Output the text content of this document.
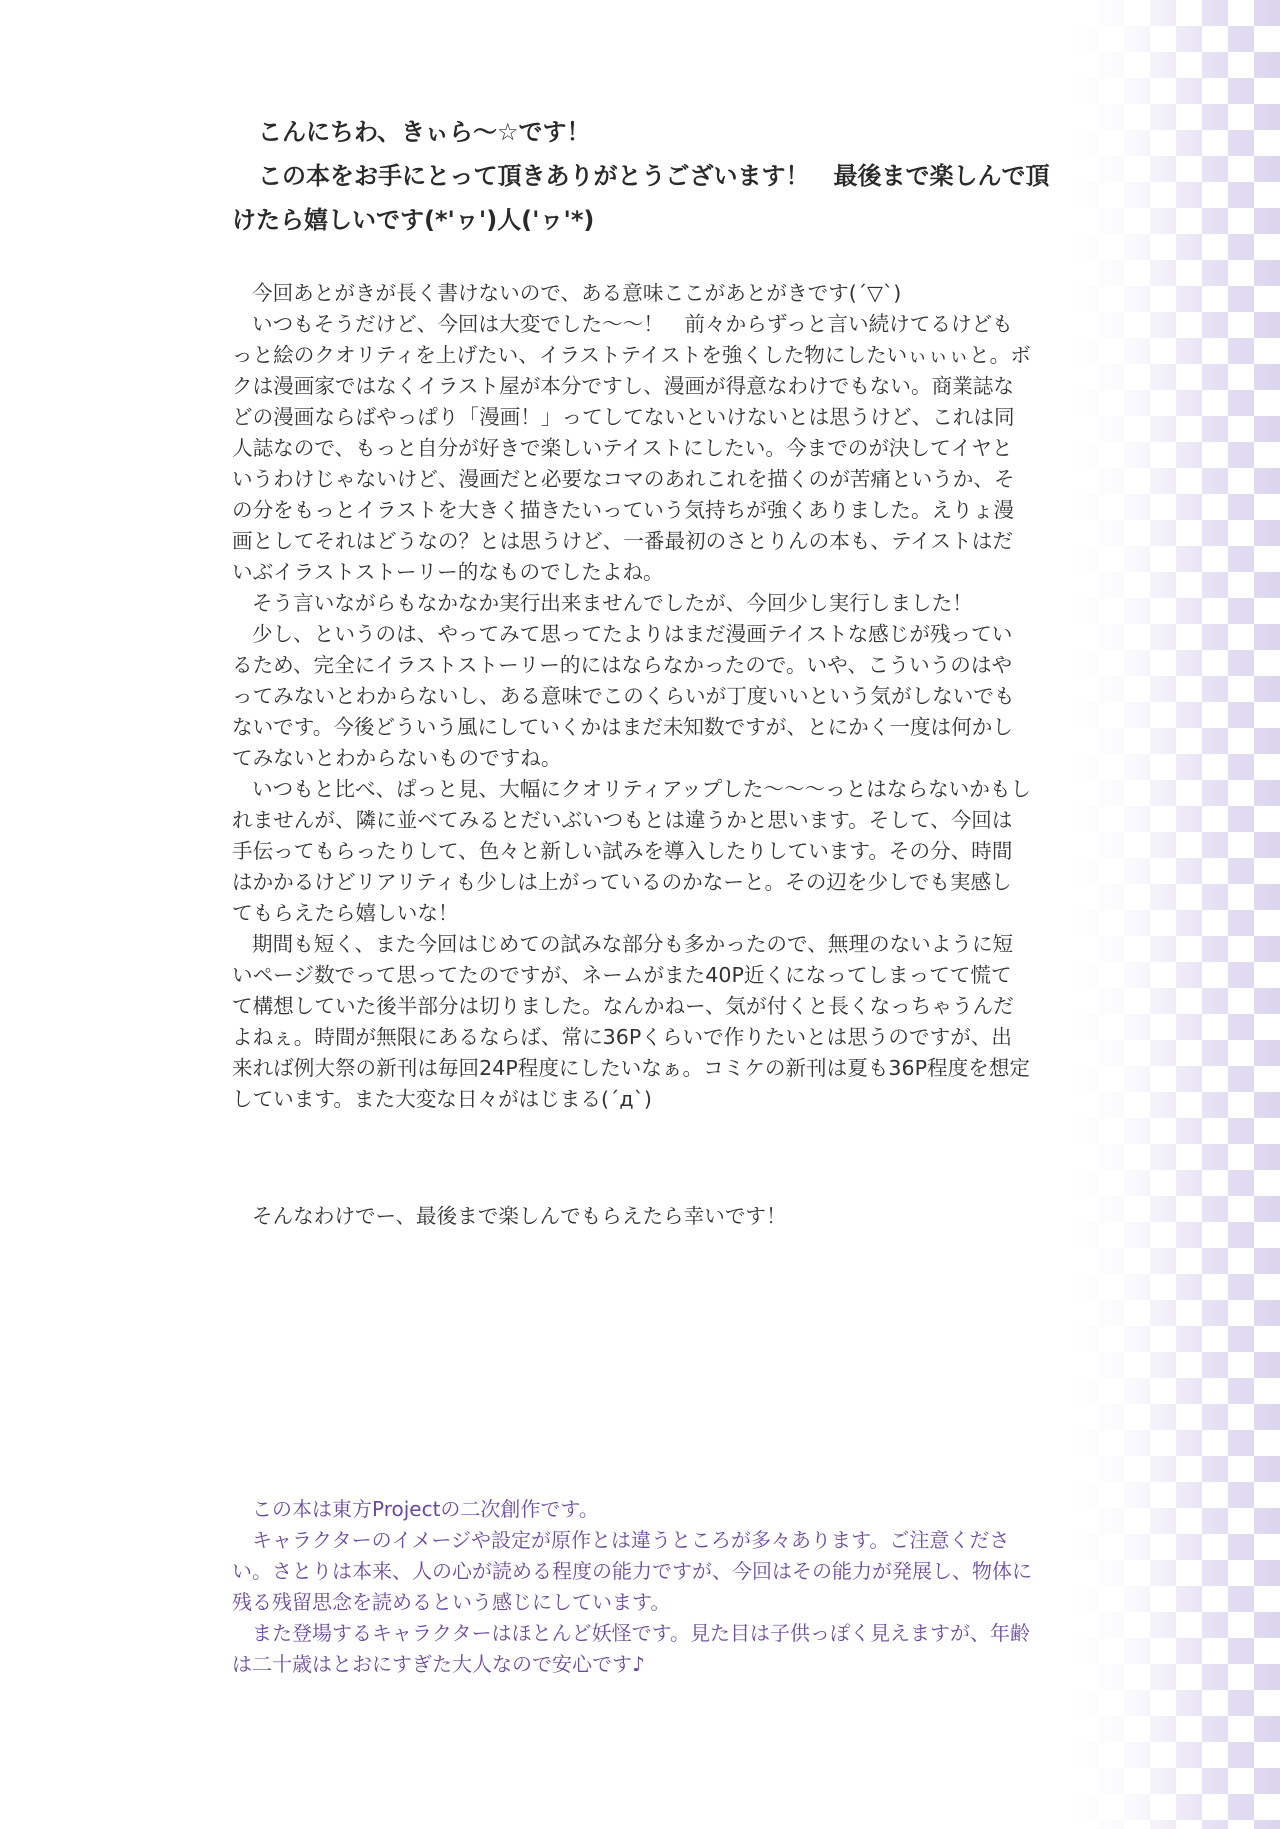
こんにちわ、きぃら～☆です！
この本をお手にとって頂きありがとうございます！　最後まで楽しんで頂
けたら嬉しいです(*'ヮ')人('ヮ'*)

今回あとがきが長く書けないので、ある意味ここがあとがきです(´▽`)

いつもそうだけど、今回は大変でした～～！　前々からずっと言い続けてるけどもっと絵のクオリティを上げたい、イラストテイストを強くした物にしたいぃぃぃと。ボクは漫画家ではなくイラスト屋が本分ですし、漫画が得意なわけでもない。商業誌などの漫画ならばやっぱり「漫画！」ってしてないといけないとは思うけど、これは同人誌なので、もっと自分が好きで楽しいテイストにしたい。今までのが決してイヤというわけじゃないけど、漫画だと必要なコマのあれこれを描くのが苦痛というか、その分をもっとイラストを大きく描きたいっていう気持ちが強くありました。えりょ漫画としてそれはどうなの？とは思うけど、一番最初のさとりんの本も、テイストはだいぶイラストストーリー的なものでしたよね。

そう言いながらもなかなか実行出来ませんでしたが、今回少し実行しました！

少し、というのは、やってみて思ってたよりはまだ漫画テイストな感じが残っているため、完全にイラストストーリー的にはならなかったので。いや、こういうのはやってみないとわからないし、ある意味でこのくらいが丁度いいという気がしないでもないです。今後どういう風にしていくかはまだ未知数ですが、とにかく一度は何かしてみないとわからないものですね。

いつもと比べ、ぱっと見、大幅にクオリティアップした～～～っとはならないかもしれませんが、隣に並べてみるとだいぶいつもとは違うかと思います。そして、今回は手伝ってもらったりして、色々と新しい試みを導入したりしています。その分、時間はかかるけどリアリティも少しは上がっているのかなーと。その辺を少しでも実感してもらえたら嬉しいな！

期間も短く、また今回はじめての試みな部分も多かったので、無理のないように短いページ数でって思ってたのですが、ネームがまた40P近くになってしまってて慌てて構想していた後半部分は切りました。なんかねー、気が付くと長くなっちゃうんだよねぇ。時間が無限にあるならば、常に36Pくらいで作りたいとは思うのですが、出来れば例大祭の新刊は毎回24P程度にしたいなぁ。コミケの新刊は夏も36P程度を想定しています。また大変な日々がはじまる(´д`)

そんなわけでー、最後まで楽しんでもらえたら幸いです！

この本は東方Projectの二次創作です。

キャラクターのイメージや設定が原作とは違うところが多々あります。ご注意ください。さとりは本来、人の心が読める程度の能力ですが、今回はその能力が発展し、物体に残る残留思念を読めるという感じにしています。

また登場するキャラクターはほとんど妖怪です。見た目は子供っぽく見えますが、年齢は二十歳はとおにすぎた大人なので安心です♪
